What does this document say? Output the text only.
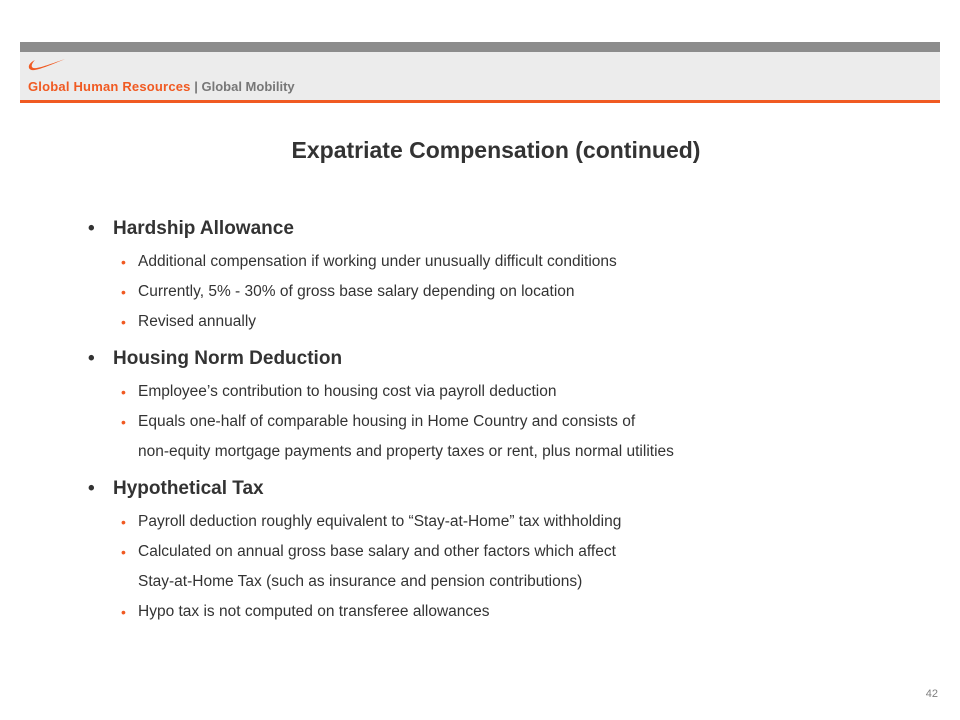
Global Human Resources | Global Mobility
Expatriate Compensation (continued)
• Hardship Allowance
• Additional compensation if working under unusually difficult conditions
• Currently, 5% - 30% of gross base salary depending on location
• Revised annually
• Housing Norm Deduction
• Employee’s contribution to housing cost via payroll deduction
• Equals one-half of comparable housing in Home Country and consists of
non-equity mortgage payments and property taxes or rent, plus normal utilities
• Hypothetical Tax
• Payroll deduction roughly equivalent to “Stay-at-Home” tax withholding
• Calculated on annual gross base salary and other factors which affect
Stay-at-Home Tax (such as insurance and pension contributions)
• Hypo tax is not computed on transferee allowances
42
